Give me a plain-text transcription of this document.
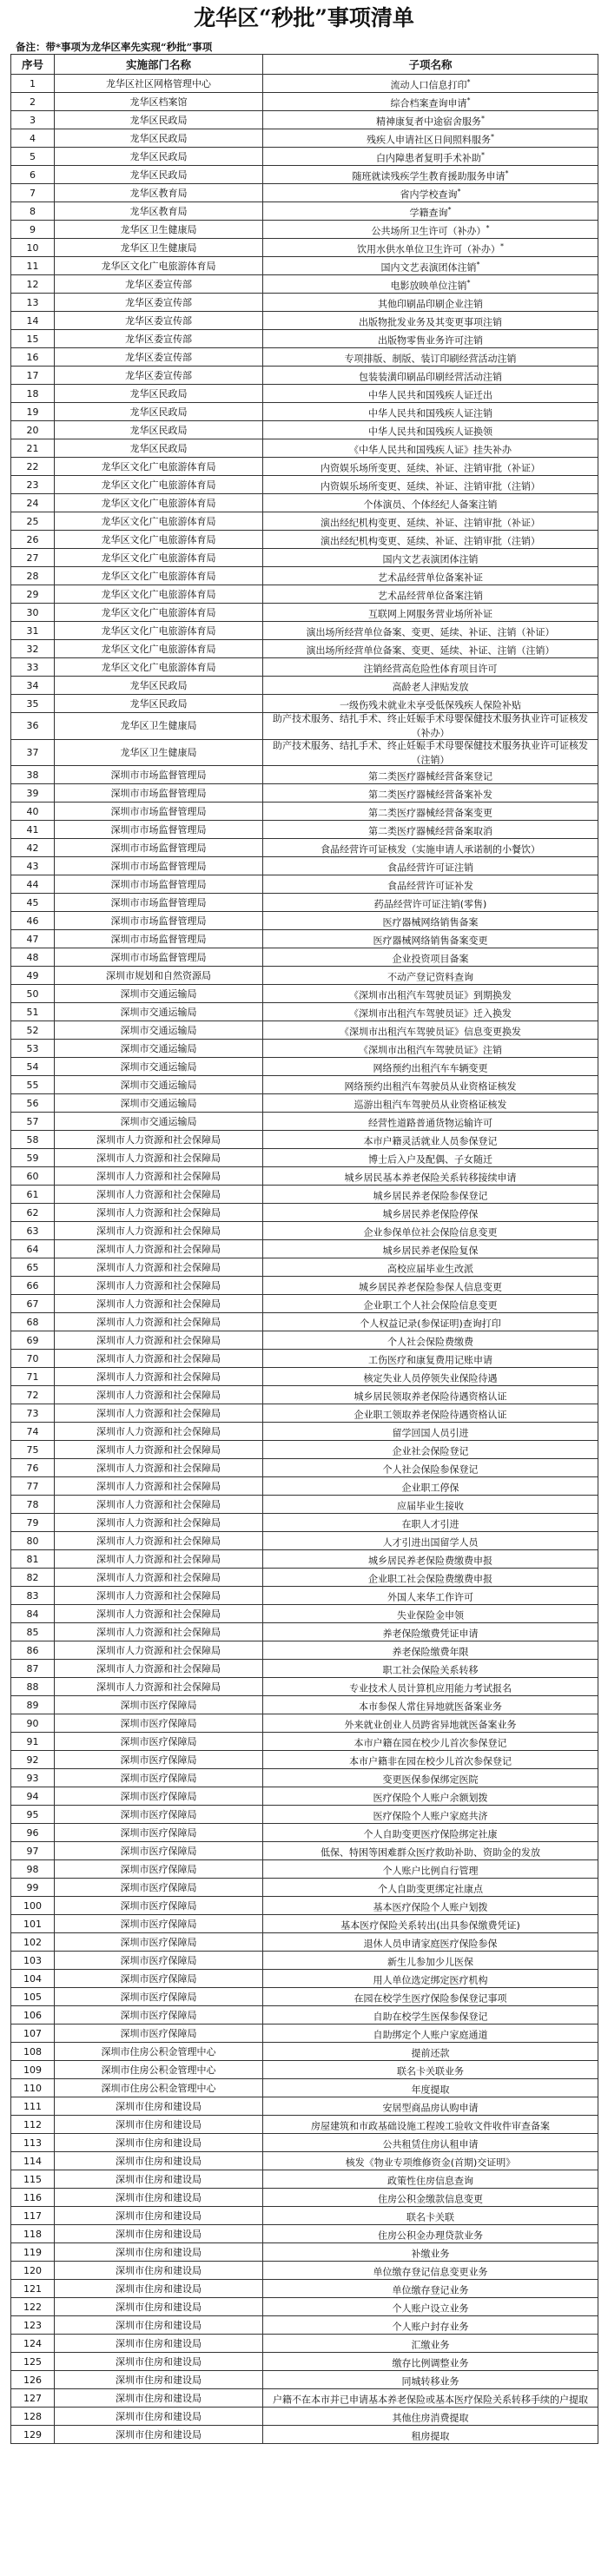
龙华区“秒批”事项清单
备注：带*事项为龙华区率先实现“秒批”事项
序号	实施部门名称	子项名称
1	龙华区社区网格管理中心	流动人口信息打印*
2	龙华区档案馆	综合档案查询申请*
3	龙华区民政局	精神康复者中途宿舍服务*
4	龙华区民政局	残疾人申请社区日间照料服务*
5	龙华区民政局	白内障患者复明手术补助*
6	龙华区民政局	随班就读残疾学生教育援助服务申请*
7	龙华区教育局	省内学校查询*
8	龙华区教育局	学籍查询*
9	龙华区卫生健康局	公共场所卫生许可（补办）*
10	龙华区卫生健康局	饮用水供水单位卫生许可（补办）*
11	龙华区文化广电旅游体育局	国内文艺表演团体注销*
12	龙华区委宣传部	电影放映单位注销*
13	龙华区委宣传部	其他印刷品印刷企业注销
14	龙华区委宣传部	出版物批发业务及其变更事项注销
15	龙华区委宣传部	出版物零售业务许可注销
16	龙华区委宣传部	专项排版、制版、装订印刷经营活动注销
17	龙华区委宣传部	包装装潢印刷品印刷经营活动注销
18	龙华区民政局	中华人民共和国残疾人证迁出
19	龙华区民政局	中华人民共和国残疾人证注销
20	龙华区民政局	中华人民共和国残疾人证换领
21	龙华区民政局	《中华人民共和国残疾人证》挂失补办
22	龙华区文化广电旅游体育局	内资娱乐场所变更、延续、补证、注销审批（补证）
23	龙华区文化广电旅游体育局	内资娱乐场所变更、延续、补证、注销审批（注销）
24	龙华区文化广电旅游体育局	个体演员、个体经纪人备案注销
25	龙华区文化广电旅游体育局	演出经纪机构变更、延续、补证、注销审批（补证）
26	龙华区文化广电旅游体育局	演出经纪机构变更、延续、补证、注销审批（注销）
27	龙华区文化广电旅游体育局	国内文艺表演团体注销
28	龙华区文化广电旅游体育局	艺术品经营单位备案补证
29	龙华区文化广电旅游体育局	艺术品经营单位备案注销
30	龙华区文化广电旅游体育局	互联网上网服务营业场所补证
31	龙华区文化广电旅游体育局	演出场所经营单位备案、变更、延续、补证、注销（补证）
32	龙华区文化广电旅游体育局	演出场所经营单位备案、变更、延续、补证、注销（注销）
33	龙华区文化广电旅游体育局	注销经营高危险性体育项目许可
34	龙华区民政局	高龄老人津贴发放
35	龙华区民政局	一级伤残未就业未享受低保残疾人保险补贴
36	龙华区卫生健康局	助产技术服务、结扎手术、终止妊娠手术母婴保健技术服务执业许可证核发（补办）
37	龙华区卫生健康局	助产技术服务、结扎手术、终止妊娠手术母婴保健技术服务执业许可证核发（注销）
38	深圳市市场监督管理局	第二类医疗器械经营备案登记
39	深圳市市场监督管理局	第二类医疗器械经营备案补发
40	深圳市市场监督管理局	第二类医疗器械经营备案变更
41	深圳市市场监督管理局	第二类医疗器械经营备案取消
42	深圳市市场监督管理局	食品经营许可证核发（实施申请人承诺制的小餐饮）
43	深圳市市场监督管理局	食品经营许可证注销
44	深圳市市场监督管理局	食品经营许可证补发
45	深圳市市场监督管理局	药品经营许可证注销(零售)
46	深圳市市场监督管理局	医疗器械网络销售备案
47	深圳市市场监督管理局	医疗器械网络销售备案变更
48	深圳市市场监督管理局	企业投资项目备案
49	深圳市规划和自然资源局	不动产登记资料查询
50	深圳市交通运输局	《深圳市出租汽车驾驶员证》到期换发
51	深圳市交通运输局	《深圳市出租汽车驾驶员证》迁入换发
52	深圳市交通运输局	《深圳市出租汽车驾驶员证》信息变更换发
53	深圳市交通运输局	《深圳市出租汽车驾驶员证》注销
54	深圳市交通运输局	网络预约出租汽车车辆变更
55	深圳市交通运输局	网络预约出租汽车驾驶员从业资格证核发
56	深圳市交通运输局	巡游出租汽车驾驶员从业资格证核发
57	深圳市交通运输局	经营性道路普通货物运输许可
58	深圳市人力资源和社会保障局	本市户籍灵活就业人员参保登记
59	深圳市人力资源和社会保障局	博士后入户及配偶、子女随迁
60	深圳市人力资源和社会保障局	城乡居民基本养老保险关系转移接续申请
61	深圳市人力资源和社会保障局	城乡居民养老保险参保登记
62	深圳市人力资源和社会保障局	城乡居民养老保险停保
63	深圳市人力资源和社会保障局	企业参保单位社会保险信息变更
64	深圳市人力资源和社会保障局	城乡居民养老保险复保
65	深圳市人力资源和社会保障局	高校应届毕业生改派
66	深圳市人力资源和社会保障局	城乡居民养老保险参保人信息变更
67	深圳市人力资源和社会保障局	企业职工个人社会保险信息变更
68	深圳市人力资源和社会保障局	个人权益记录(参保证明)查询打印
69	深圳市人力资源和社会保障局	个人社会保险费缴费
70	深圳市人力资源和社会保障局	工伤医疗和康复费用记账申请
71	深圳市人力资源和社会保障局	核定失业人员停领失业保险待遇
72	深圳市人力资源和社会保障局	城乡居民领取养老保险待遇资格认证
73	深圳市人力资源和社会保障局	企业职工领取养老保险待遇资格认证
74	深圳市人力资源和社会保障局	留学回国人员引进
75	深圳市人力资源和社会保障局	企业社会保险登记
76	深圳市人力资源和社会保障局	个人社会保险参保登记
77	深圳市人力资源和社会保障局	企业职工停保
78	深圳市人力资源和社会保障局	应届毕业生接收
79	深圳市人力资源和社会保障局	在职人才引进
80	深圳市人力资源和社会保障局	人才引进出国留学人员
81	深圳市人力资源和社会保障局	城乡居民养老保险费缴费申报
82	深圳市人力资源和社会保障局	企业职工社会保险费缴费申报
83	深圳市人力资源和社会保障局	外国人来华工作许可
84	深圳市人力资源和社会保障局	失业保险金申领
85	深圳市人力资源和社会保障局	养老保险缴费凭证申请
86	深圳市人力资源和社会保障局	养老保险缴费年限
87	深圳市人力资源和社会保障局	职工社会保险关系转移
88	深圳市人力资源和社会保障局	专业技术人员计算机应用能力考试报名
89	深圳市医疗保障局	本市参保人常住异地就医备案业务
90	深圳市医疗保障局	外来就业创业人员跨省异地就医备案业务
91	深圳市医疗保障局	本市户籍在园在校少儿首次参保登记
92	深圳市医疗保障局	本市户籍非在园在校少儿首次参保登记
93	深圳市医疗保障局	变更医保参保绑定医院
94	深圳市医疗保障局	医疗保险个人账户余额划拨
95	深圳市医疗保障局	医疗保险个人账户家庭共济
96	深圳市医疗保障局	个人自助变更医疗保险绑定社康
97	深圳市医疗保障局	低保、特困等困难群众医疗救助补助、资助金的发放
98	深圳市医疗保障局	个人账户比例自行管理
99	深圳市医疗保障局	个人自助变更绑定社康点
100	深圳市医疗保障局	基本医疗保险个人账户划拨
101	深圳市医疗保障局	基本医疗保险关系转出(出具参保缴费凭证)
102	深圳市医疗保障局	退休人员申请家庭医疗保险参保
103	深圳市医疗保障局	新生儿参加少儿医保
104	深圳市医疗保障局	用人单位选定绑定医疗机构
105	深圳市医疗保障局	在园在校学生医疗保险参保登记事项
106	深圳市医疗保障局	自助在校学生医保参保登记
107	深圳市医疗保障局	自助绑定个人账户家庭通道
108	深圳市住房公积金管理中心	提前还款
109	深圳市住房公积金管理中心	联名卡关联业务
110	深圳市住房公积金管理中心	年度提取
111	深圳市住房和建设局	安居型商品房认购申请
112	深圳市住房和建设局	房屋建筑和市政基础设施工程竣工验收文件收件审查备案
113	深圳市住房和建设局	公共租赁住房认租申请
114	深圳市住房和建设局	核发《物业专项维修资金(首期)交证明》
115	深圳市住房和建设局	政策性住房信息查询
116	深圳市住房和建设局	住房公积金缴款信息变更
117	深圳市住房和建设局	联名卡关联
118	深圳市住房和建设局	住房公积金办理贷款业务
119	深圳市住房和建设局	补缴业务
120	深圳市住房和建设局	单位缴存登记信息变更业务
121	深圳市住房和建设局	单位缴存登记业务
122	深圳市住房和建设局	个人账户设立业务
123	深圳市住房和建设局	个人账户封存业务
124	深圳市住房和建设局	汇缴业务
125	深圳市住房和建设局	缴存比例调整业务
126	深圳市住房和建设局	同城转移业务
127	深圳市住房和建设局	户籍不在本市并已申请基本养老保险或基本医疗保险关系转移手续的户提取
128	深圳市住房和建设局	其他住房消费提取
129	深圳市住房和建设局	租房提取
